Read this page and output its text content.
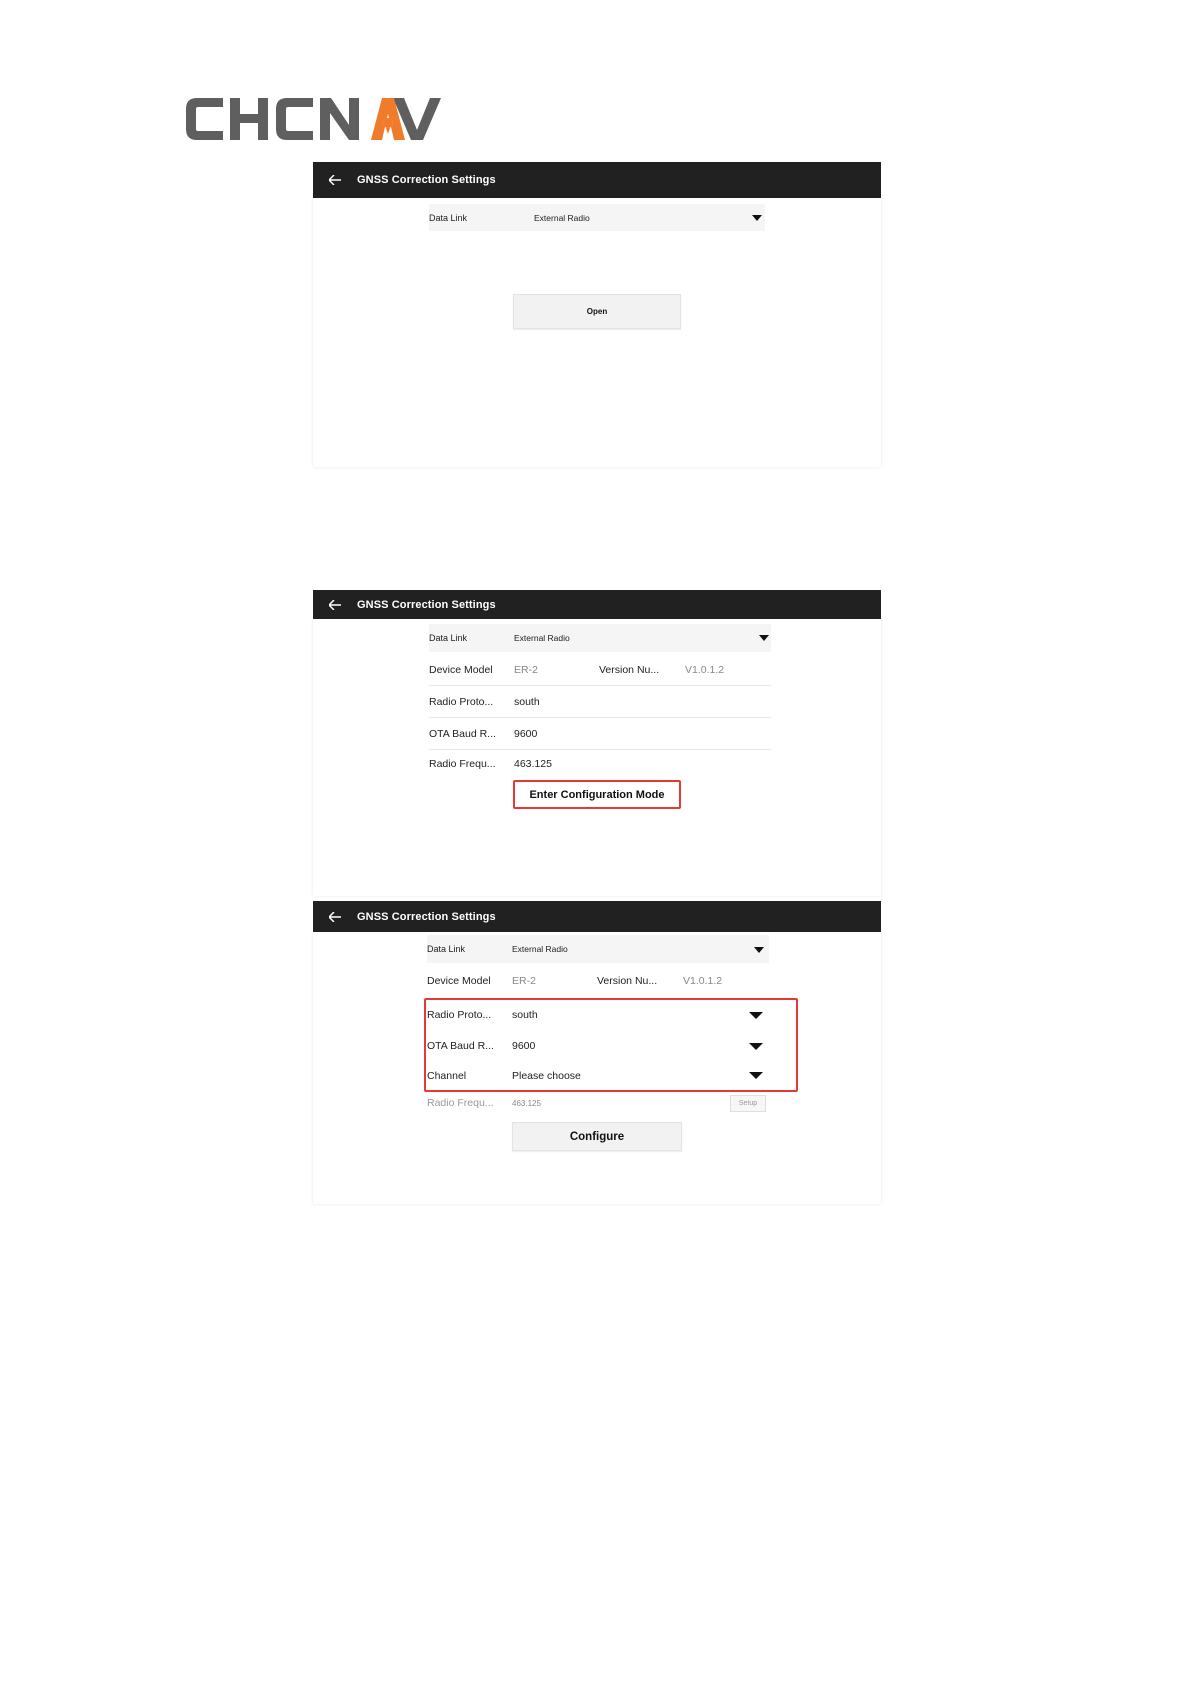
GNSS Correction Settings
Data Link	External Radio
Open
GNSS Correction Settings
Data Link	External Radio
Device Model ER-2	Version Nu... V1.0.1.2
Radio Proto... south
OTA Baud R... 9600
Radio Frequ... 463.125
Enter Configuration Mode
GNSS Correction Settings
Data Link	External Radio
Device Model ER-2	Version Nu... V1.0.1.2
Radio Proto... south
OTA Baud R... 9600
Channel	Please choose
Radio Frequ... 463.125	Setup
Configure
